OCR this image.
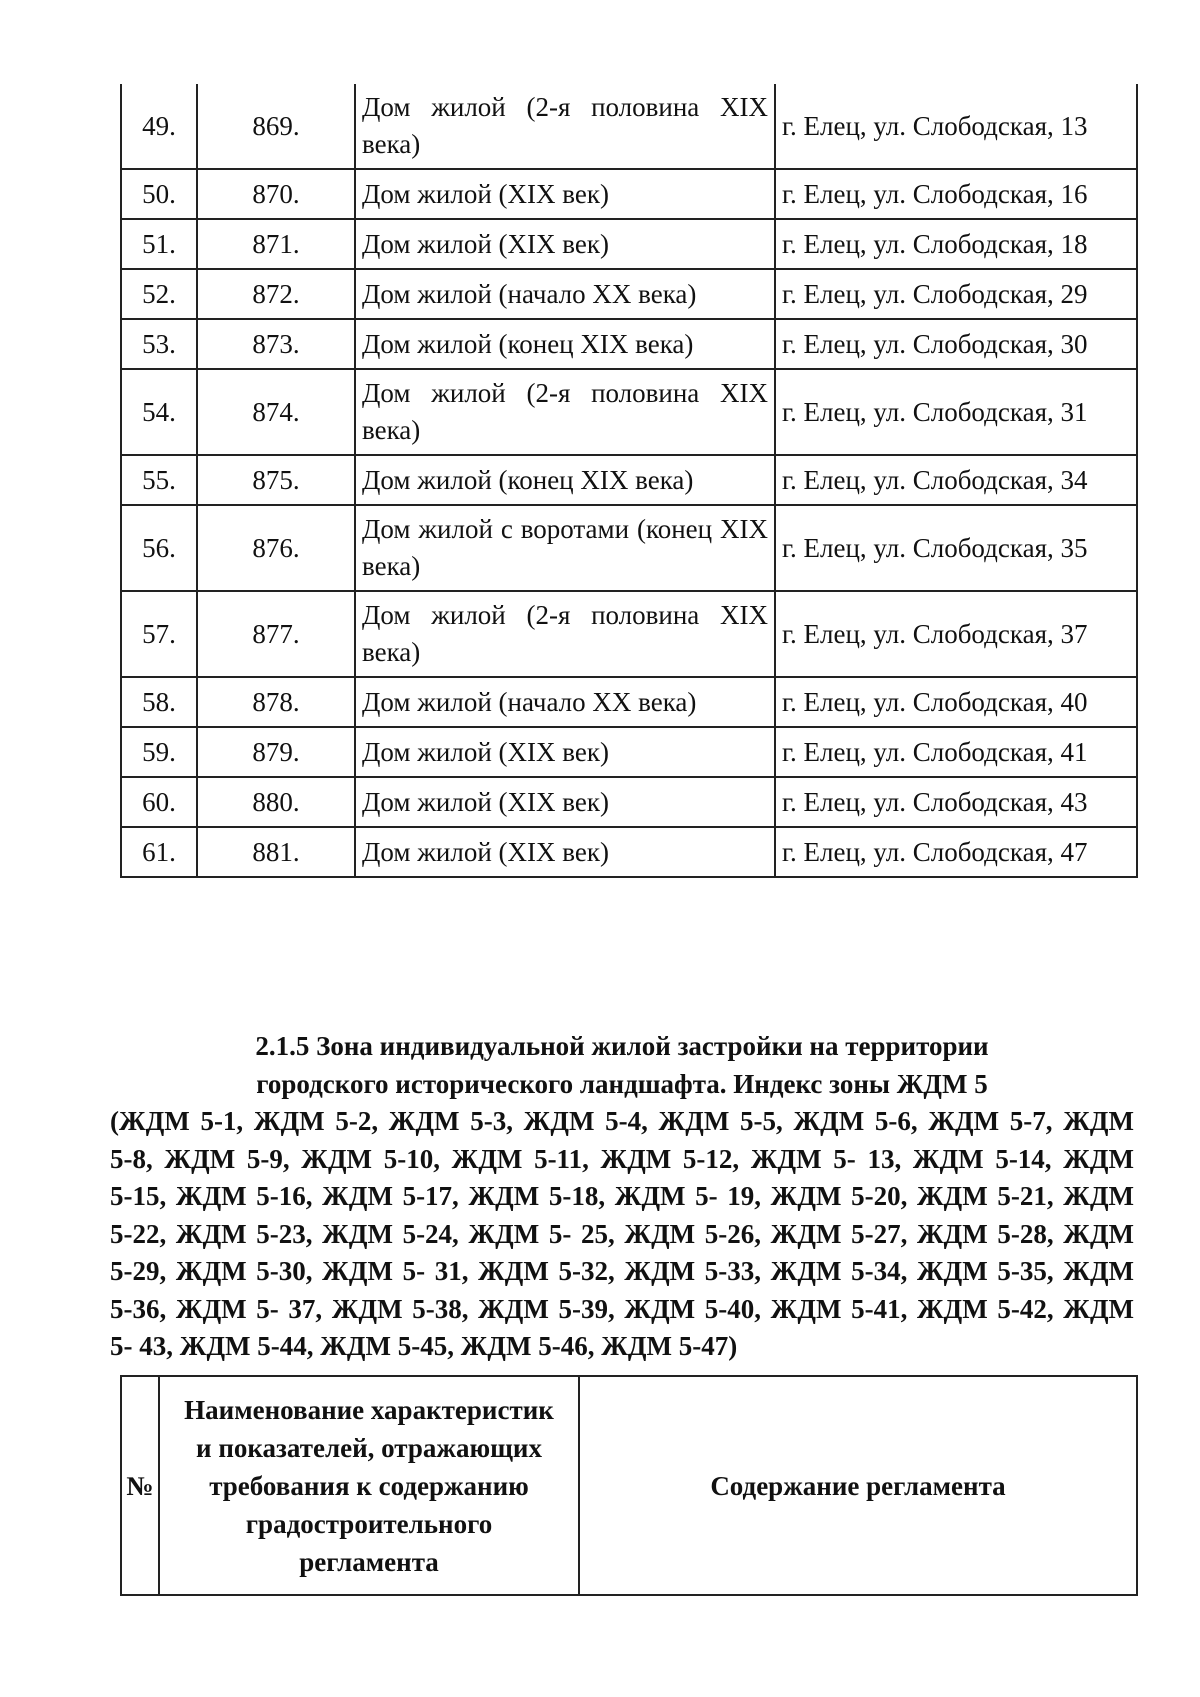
49.	869.	Дом жилой (2-я половина XIX века)	г. Елец, ул. Слободская, 13
50.	870.	Дом жилой (XIX век)	г. Елец, ул. Слободская, 16
51.	871.	Дом жилой (XIX век)	г. Елец, ул. Слободская, 18
52.	872.	Дом жилой (начало XX века)	г. Елец, ул. Слободская, 29
53.	873.	Дом жилой (конец XIX века)	г. Елец, ул. Слободская, 30
54.	874.	Дом жилой (2-я половина XIX века)	г. Елец, ул. Слободская, 31
55.	875.	Дом жилой (конец XIX века)	г. Елец, ул. Слободская, 34
56.	876.	Дом жилой с воротами (конец XIX века)	г. Елец, ул. Слободская, 35
57.	877.	Дом жилой (2-я половина XIX века)	г. Елец, ул. Слободская, 37
58.	878.	Дом жилой (начало XX века)	г. Елец, ул. Слободская, 40
59.	879.	Дом жилой (XIX век)	г. Елец, ул. Слободская, 41
60.	880.	Дом жилой (XIX век)	г. Елец, ул. Слободская, 43
61.	881.	Дом жилой (XIX век)	г. Елец, ул. Слободская, 47
2.1.5 Зона индивидуальной жилой застройки на территории
городского исторического ландшафта. Индекс зоны ЖДМ 5
(ЖДМ 5-1, ЖДМ 5-2, ЖДМ 5-3, ЖДМ 5-4, ЖДМ 5-5, ЖДМ 5-6, ЖДМ 5-7, ЖДМ
5-8, ЖДМ 5-9, ЖДМ 5-10, ЖДМ 5-11, ЖДМ 5-12, ЖДМ 5- 13, ЖДМ 5-14, ЖДМ
5-15, ЖДМ 5-16, ЖДМ 5-17, ЖДМ 5-18, ЖДМ 5- 19, ЖДМ 5-20, ЖДМ 5-21, ЖДМ
5-22, ЖДМ 5-23, ЖДМ 5-24, ЖДМ 5- 25, ЖДМ 5-26, ЖДМ 5-27, ЖДМ 5-28, ЖДМ
5-29, ЖДМ 5-30, ЖДМ 5- 31, ЖДМ 5-32, ЖДМ 5-33, ЖДМ 5-34, ЖДМ 5-35, ЖДМ
5-36, ЖДМ 5- 37, ЖДМ 5-38, ЖДМ 5-39, ЖДМ 5-40, ЖДМ 5-41, ЖДМ 5-42, ЖДМ
5- 43, ЖДМ 5-44, ЖДМ 5-45, ЖДМ 5-46, ЖДМ 5-47)
№	Наименование характеристик и показателей, отражающих требования к содержанию градостроительного регламента	Содержание регламента
